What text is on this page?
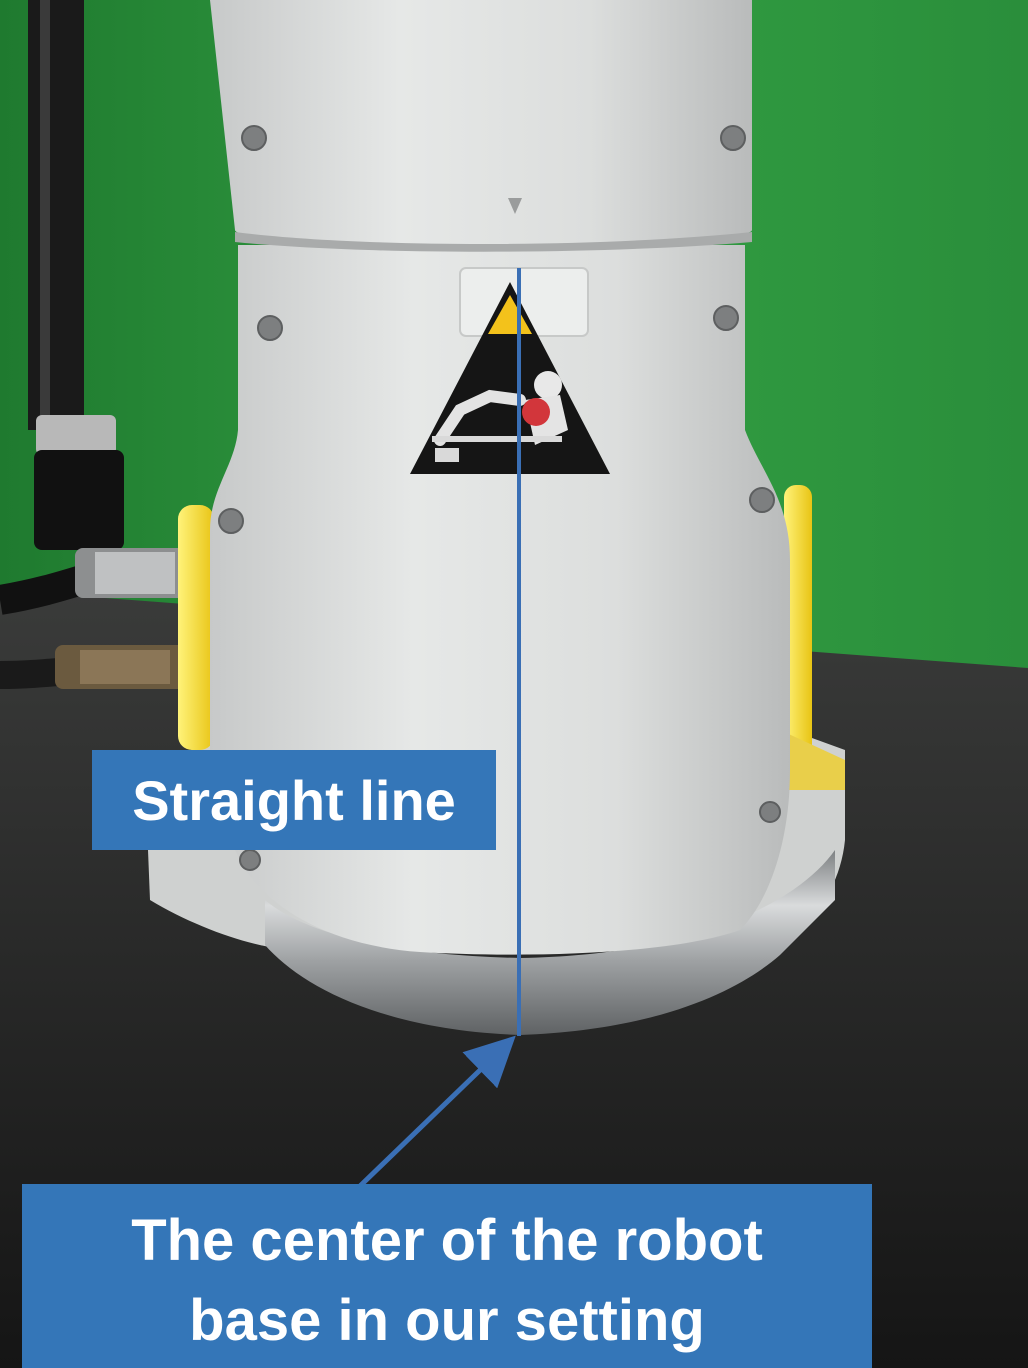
Straight line
The center of the robot base in our setting
